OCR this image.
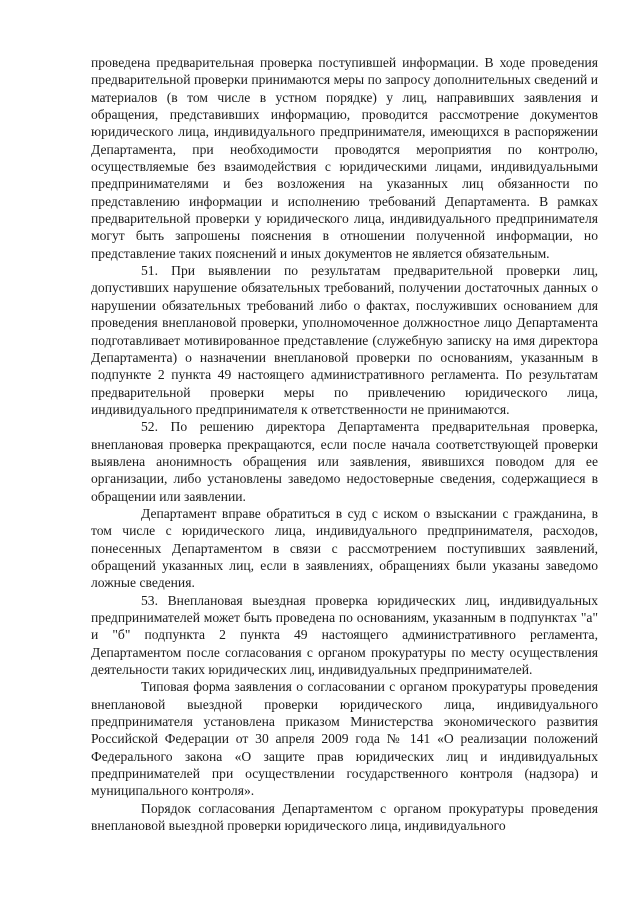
проведена предварительная проверка поступившей информации. В ходе проведения предварительной проверки принимаются меры по запросу дополнительных сведений и материалов (в том числе в устном порядке) у лиц, направивших заявления и обращения, представивших информацию, проводится рассмотрение документов юридического лица, индивидуального предпринимателя, имеющихся в распоряжении Департамента, при необходимости проводятся мероприятия по контролю, осуществляемые без взаимодействия с юридическими лицами, индивидуальными предпринимателями и без возложения на указанных лиц обязанности по представлению информации и исполнению требований Департамента. В рамках предварительной проверки у юридического лица, индивидуального предпринимателя могут быть запрошены пояснения в отношении полученной информации, но представление таких пояснений и иных документов не является обязательным.

51. При выявлении по результатам предварительной проверки лиц, допустивших нарушение обязательных требований, получении достаточных данных о нарушении обязательных требований либо о фактах, послуживших основанием для проведения внеплановой проверки, уполномоченное должностное лицо Департамента подготавливает мотивированное представление (служебную записку на имя директора Департамента) о назначении внеплановой проверки по основаниям, указанным в подпункте 2 пункта 49 настоящего административного регламента. По результатам предварительной проверки меры по привлечению юридического лица, индивидуального предпринимателя к ответственности не принимаются.

52. По решению директора Департамента предварительная проверка, внеплановая проверка прекращаются, если после начала соответствующей проверки выявлена анонимность обращения или заявления, явившихся поводом для ее организации, либо установлены заведомо недостоверные сведения, содержащиеся в обращении или заявлении.

Департамент вправе обратиться в суд с иском о взыскании с гражданина, в том числе с юридического лица, индивидуального предпринимателя, расходов, понесенных Департаментом в связи с рассмотрением поступивших заявлений, обращений указанных лиц, если в заявлениях, обращениях были указаны заведомо ложные сведения.

53. Внеплановая выездная проверка юридических лиц, индивидуальных предпринимателей может быть проведена по основаниям, указанным в подпунктах "а" и "б" подпункта 2 пункта 49 настоящего административного регламента, Департаментом после согласования с органом прокуратуры по месту осуществления деятельности таких юридических лиц, индивидуальных предпринимателей.

Типовая форма заявления о согласовании с органом прокуратуры проведения внеплановой выездной проверки юридического лица, индивидуального предпринимателя установлена приказом Министерства экономического развития Российской Федерации от 30 апреля 2009 года № 141 «О реализации положений Федерального закона «О защите прав юридических лиц и индивидуальных предпринимателей при осуществлении государственного контроля (надзора) и муниципального контроля».

Порядок согласования Департаментом с органом прокуратуры проведения внеплановой выездной проверки юридического лица, индивидуального
